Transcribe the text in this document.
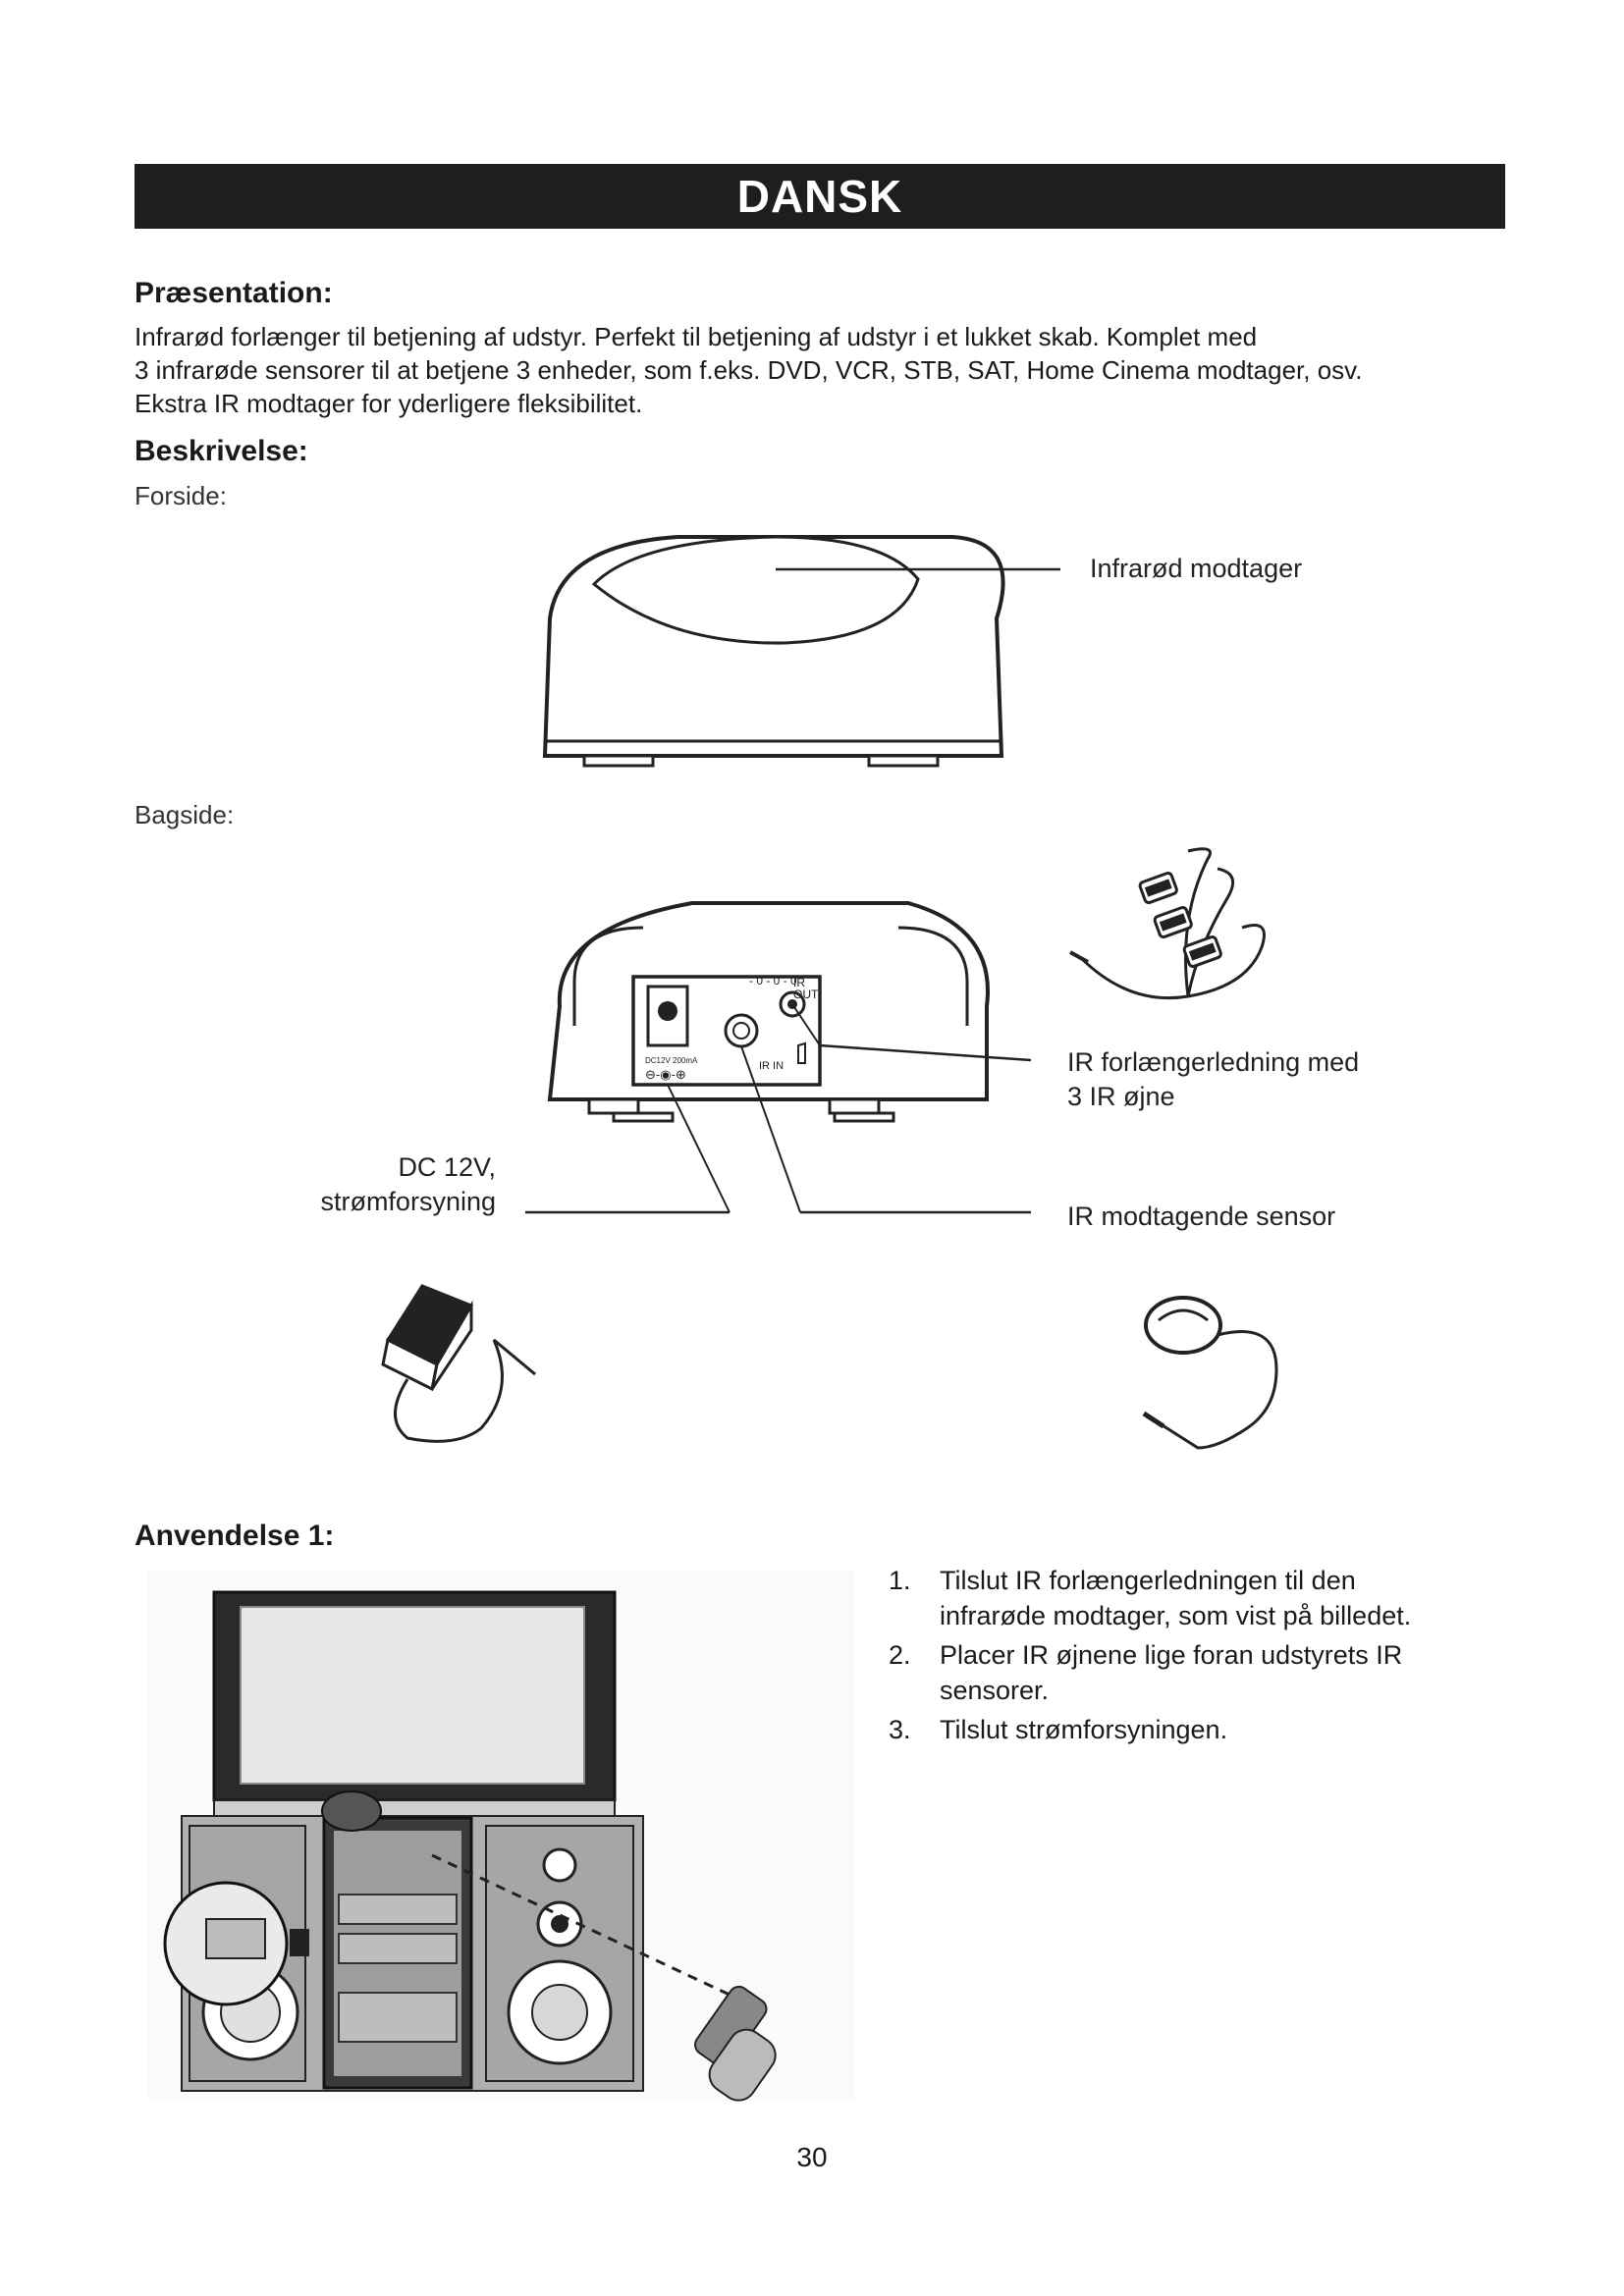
DANSK
Præsentation:
Infrarød forlænger til betjening af udstyr. Perfekt til betjening af udstyr i et lukket skab. Komplet med
3 infrarøde sensorer til at betjene 3 enheder, som f.eks. DVD, VCR, STB, SAT, Home Cinema modtager, osv.
Ekstra IR modtager for yderligere fleksibilitet.
Beskrivelse:
Forside:
Infrarød modtager
Bagside:
- 0 - 0 - 0
IR
OUT
IR IN
DC12V 200mA
⊖-◉-⊕	IR forlængerledning med
3 IR øjne
DC 12V,
strømforsyning	IR modtagende sensor
Anvendelse 1:
1. Tilslut IR forlængerledningen til den
infrarøde modtager, som vist på billedet.
2. Placer IR øjnene lige foran udstyrets IR
sensorer.
3. Tilslut strømforsyningen.
30
